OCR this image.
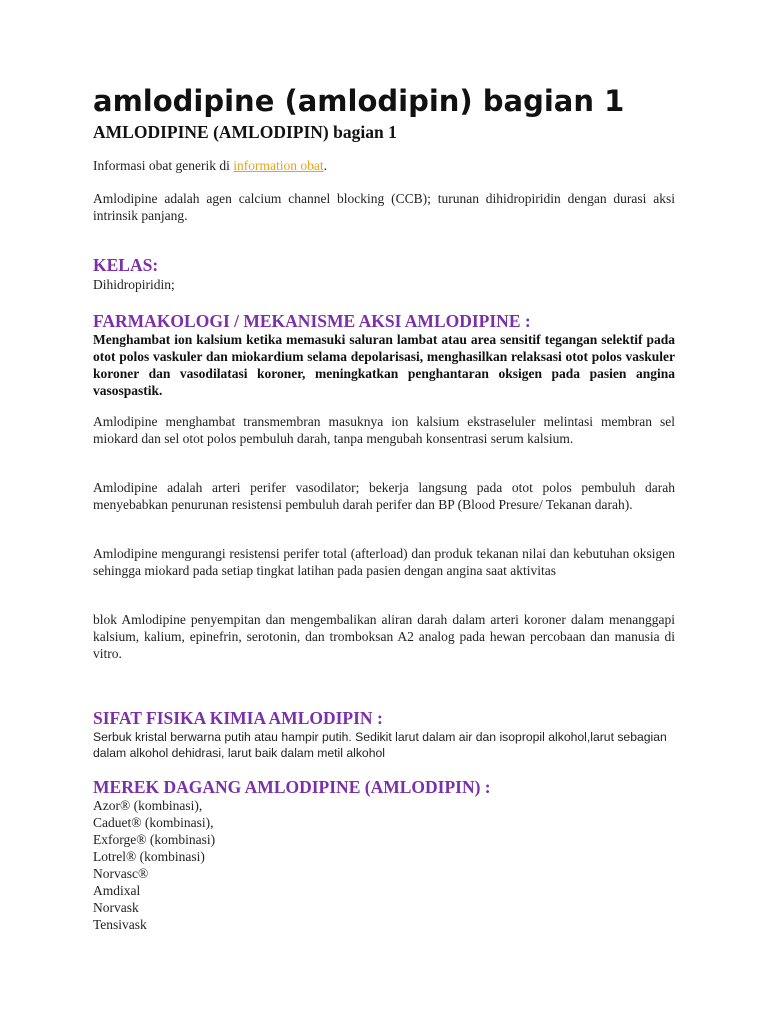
amlodipine (amlodipin) bagian 1
AMLODIPINE (AMLODIPIN) bagian 1

Informasi obat generik di information obat.

Amlodipine adalah agen calcium channel blocking (CCB); turunan dihidropiridin dengan durasi aksi intrinsik panjang.

KELAS:

Dihidropiridin;

FARMAKOLOGI / MEKANISME AKSI AMLODIPINE :

Menghambat ion kalsium ketika memasuki saluran lambat atau area sensitif tegangan selektif pada otot polos vaskuler dan miokardium selama depolarisasi, menghasilkan relaksasi otot polos vaskuler koroner dan vasodilatasi koroner, meningkatkan penghantaran oksigen pada pasien angina vasospastik.

Amlodipine menghambat transmembran masuknya ion kalsium ekstraseluler melintasi membran sel miokard dan sel otot polos pembuluh darah, tanpa mengubah konsentrasi serum kalsium.

Amlodipine adalah arteri perifer vasodilator; bekerja langsung pada otot polos pembuluh darah menyebabkan penurunan resistensi pembuluh darah perifer dan BP (Blood Presure/ Tekanan darah).

Amlodipine mengurangi resistensi perifer total (afterload) dan produk tekanan nilai dan kebutuhan oksigen sehingga miokard pada setiap tingkat latihan pada pasien dengan angina saat aktivitas

blok Amlodipine penyempitan dan mengembalikan aliran darah dalam arteri koroner dalam menanggapi kalsium, kalium, epinefrin, serotonin, dan tromboksan A2 analog pada hewan percobaan dan manusia di vitro.

SIFAT FISIKA KIMIA AMLODIPIN :

Serbuk kristal berwarna putih atau hampir putih. Sedikit larut dalam air dan isopropil alkohol,larut sebagian dalam alkohol dehidrasi, larut baik dalam metil alkohol

MEREK DAGANG AMLODIPINE (AMLODIPIN) :
Azor® (kombinasi),
Caduet® (kombinasi),
Exforge® (kombinasi)
Lotrel® (kombinasi)
Norvasc®
Amdixal
Norvask
Tensivask
